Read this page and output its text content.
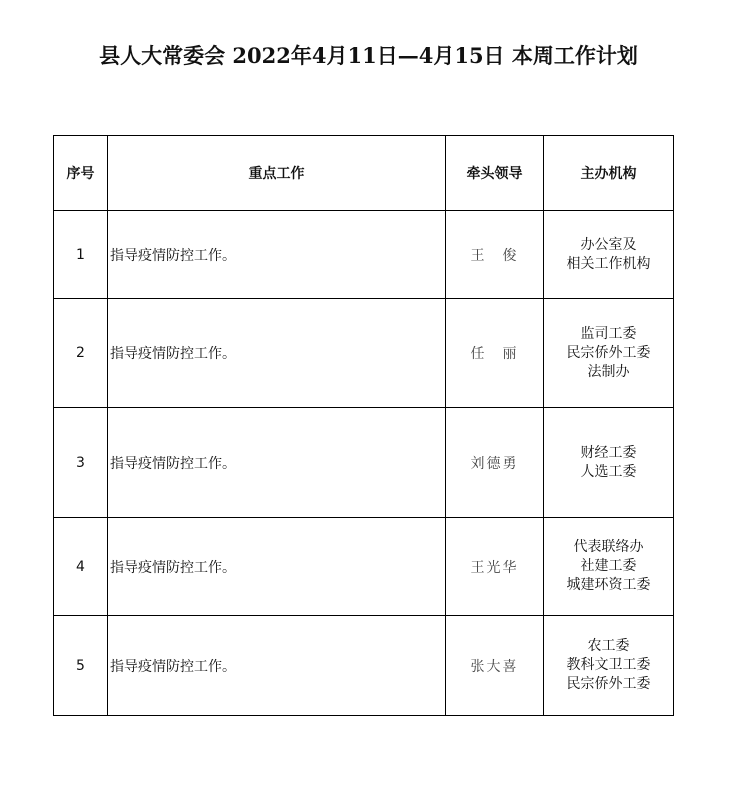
县人大常委会 2022年4月11日—4月15日 本周工作计划
序号	重点工作	牵头领导	主办机构
1	指导疫情防控工作。	王　俊	办公室及
相关工作机构

2	指导疫情防控工作。	任　丽	监司工委
民宗侨外工委
法制办

3	指导疫情防控工作。	刘德勇	财经工委
人选工委

4	指导疫情防控工作。	王光华	代表联络办
社建工委
城建环资工委

5	指导疫情防控工作。	张大喜	农工委
教科文卫工委
民宗侨外工委
